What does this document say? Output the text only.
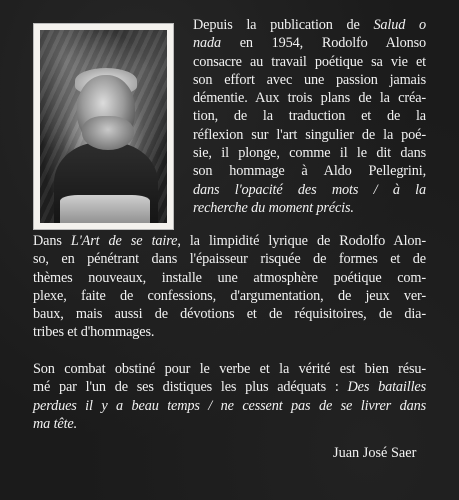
Depuis la publication de Salud o
nada en 1954, Rodolfo Alonso
consacre au travail poétique sa vie et
son effort avec une passion jamais
démentie. Aux trois plans de la créa-
tion, de la traduction et de la
réflexion sur l'art singulier de la poé-
sie, il plonge, comme il le dit dans
son hommage à Aldo Pellegrini,
dans l'opacité des mots / à la
recherche du moment précis.
Dans L'Art de se taire, la limpidité lyrique de Rodolfo Alon-
so, en pénétrant dans l'épaisseur risquée de formes et de
thèmes nouveaux, installe une atmosphère poétique com-
plexe, faite de confessions, d'argumentation, de jeux ver-
baux, mais aussi de dévotions et de réquisitoires, de dia-
tribes et d'hommages.
Son combat obstiné pour le verbe et la vérité est bien résu-
mé par l'un de ses distiques les plus adéquats : Des batailles
perdues il y a beau temps / ne cessent pas de se livrer dans
ma tête.
Juan José Saer
